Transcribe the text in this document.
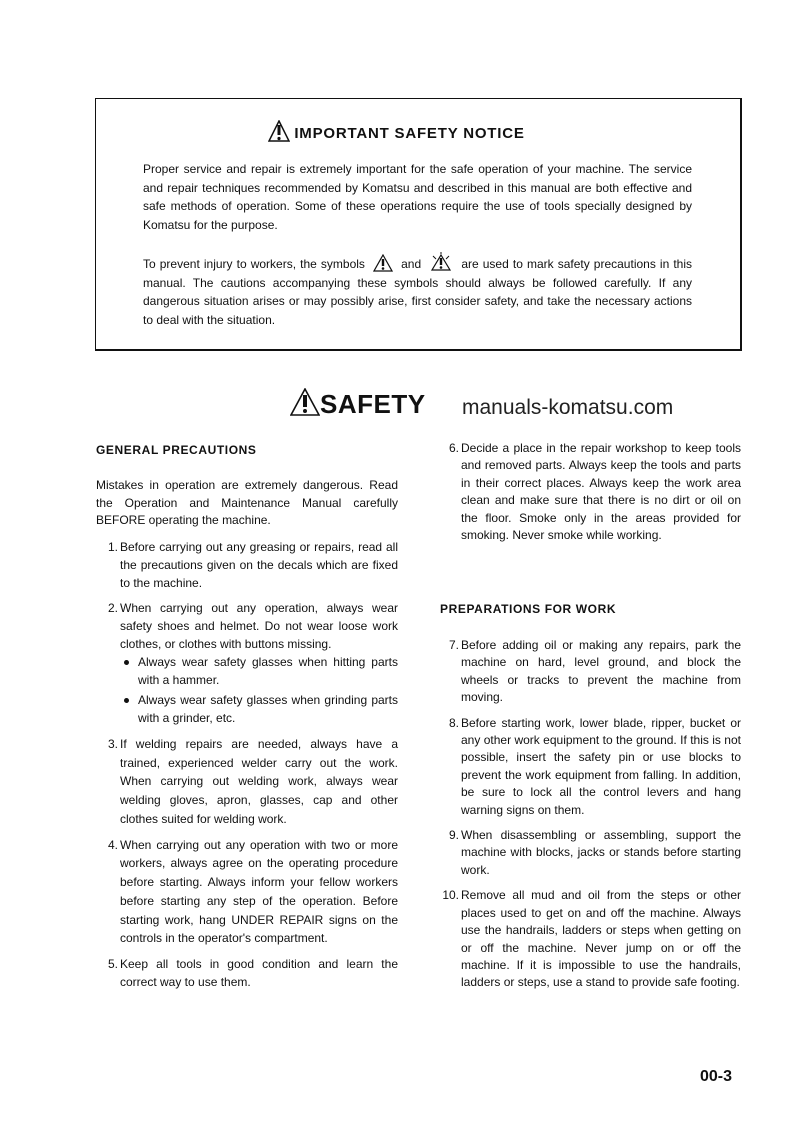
IMPORTANT SAFETY NOTICE
Proper service and repair is extremely important for the safe operation of your machine. The service and repair techniques recommended by Komatsu and described in this manual are both effective and safe methods of operation. Some of these operations require the use of tools specially designed by Komatsu for the purpose.
To prevent injury to workers, the symbols	and	are used to mark safety precautions in this manual. The cautions accompanying these symbols should always be followed carefully. If any dangerous situation arises or may possibly arise, first consider safety, and take the necessary actions to deal with the situation.
SAFETY manuals-komatsu.com
GENERAL PRECAUTIONS
Mistakes in operation are extremely dangerous. Read the Operation and Maintenance Manual carefully BEFORE operating the machine.
1. Before carrying out any greasing or repairs, read all the precautions given on the decals which are fixed to the machine.
2. When carrying out any operation, always wear safety shoes and helmet. Do not wear loose work clothes, or clothes with buttons missing.
Always wear safety glasses when hitting parts with a hammer.
Always wear safety glasses when grinding parts with a grinder, etc.
3. If welding repairs are needed, always have a trained, experienced welder carry out the work. When carrying out welding work, always wear welding gloves, apron, glasses, cap and other clothes suited for welding work.
4. When carrying out any operation with two or more workers, always agree on the operating procedure before starting. Always inform your fellow workers before starting any step of the operation. Before starting work, hang UNDER REPAIR signs on the controls in the operator's compartment.
5. Keep all tools in good condition and learn the correct way to use them.
6. Decide a place in the repair workshop to keep tools and removed parts. Always keep the tools and parts in their correct places. Always keep the work area clean and make sure that there is no dirt or oil on the floor. Smoke only in the areas provided for smoking. Never smoke while working.
PREPARATIONS FOR WORK
7. Before adding oil or making any repairs, park the machine on hard, level ground, and block the wheels or tracks to prevent the machine from moving.
8. Before starting work, lower blade, ripper, bucket or any other work equipment to the ground. If this is not possible, insert the safety pin or use blocks to prevent the work equipment from falling. In addition, be sure to lock all the control levers and hang warning signs on them.
9. When disassembling or assembling, support the machine with blocks, jacks or stands before starting work.
10. Remove all mud and oil from the steps or other places used to get on and off the machine. Always use the handrails, ladders or steps when getting on or off the machine. Never jump on or off the machine. If it is impossible to use the handrails, ladders or steps, use a stand to provide safe footing.
00-3
